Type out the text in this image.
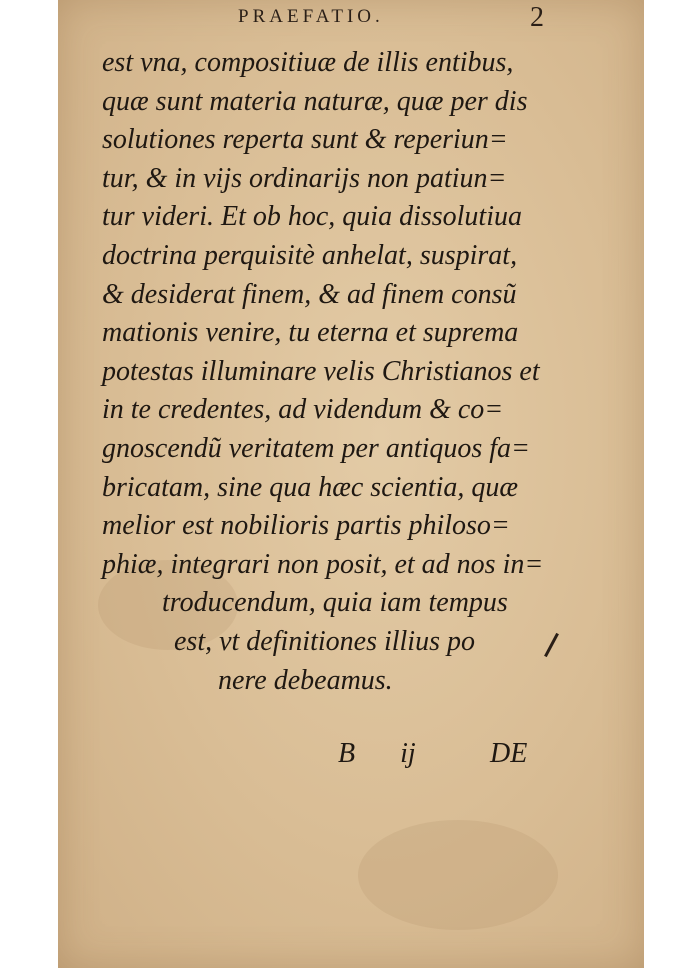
PRAEFATIO.	2
est vna, compositiuæ de illis entibus,
quæ sunt materia naturæ, quæ per dis
solutiones reperta sunt & reperiun=
tur, & in vijs ordinarijs non patiun=
tur videri. Et ob hoc, quia dissolutiua
doctrina perquisitè anhelat, suspirat,
& desiderat finem, & ad finem consũ
mationis venire, tu eterna et suprema
potestas illuminare velis Christianos et
in te credentes, ad videndum & co=
gnoscendũ veritatem per antiquos fa=
bricatam, sine qua hæc scientia, quæ
melior est nobilioris partis philoso=
phiæ, integrari non posit, et ad nos in=
troducendum, quia iam tempus
est, vt definitiones illius po
nere debeamus.
B ij	DE
